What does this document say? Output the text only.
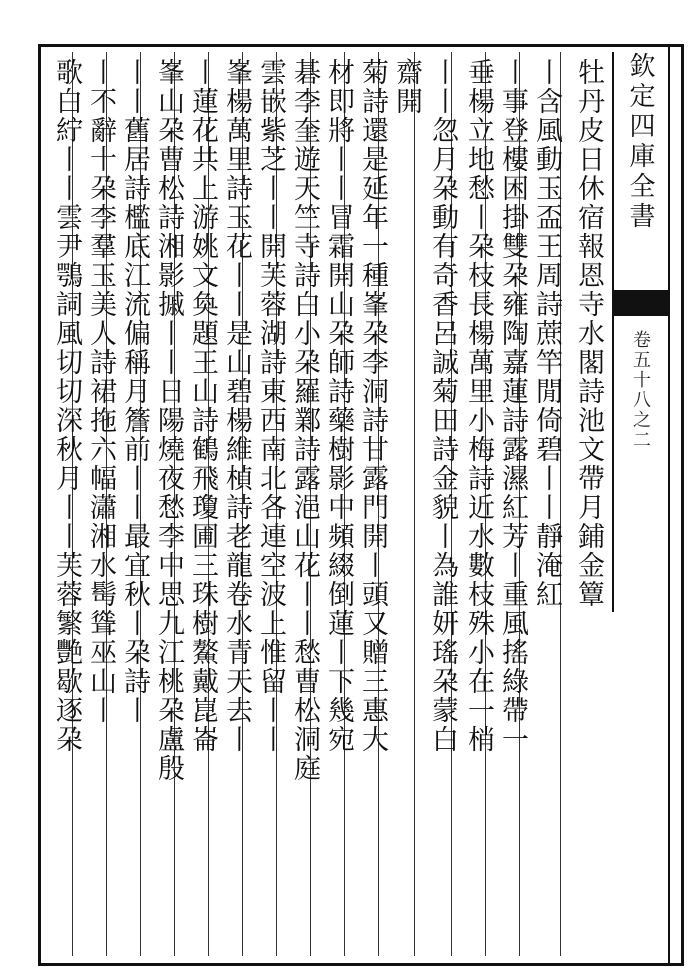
欽定四庫全書
卷五十八之二
牡丹皮日休宿報恩寺水閣詩池文帶月鋪金簟
丨含風動玉盃王周詩蔗竿閒倚碧丨丨靜淹紅
丨事登樓困掛雙朶雍陶嘉蓮詩露濕紅芳丨重風搖綠帶一
垂楊立地愁丨朶枝長楊萬里小梅詩近水數枝殊小在一梢
丨丨忽月朶動有奇香呂誠菊田詩金貌丨為誰妍瑤朶蒙白
齋開
菊詩還是延年一種峯朶李洞詩甘露門開丨頭又贈三惠大
材即將丨丨冒霜開山朶師詩藥樹影中頻綴倒蓮丨下幾宛
碁李奎遊天竺寺詩白小朶羅鄴詩露浥山花丨丨愁曹松洞庭
雲嵌紫芝丨丨開芙蓉湖詩東西南北各連空波上惟留丨丨
峯楊萬里詩玉花丨丨是山碧楊維楨詩老龍卷水青天去丨
丨蓮花共上游姚文奐題王山詩鶴飛瓊圃三珠樹鰲戴崑崙
峯山朶曹松詩湘影摵丨丨日陽燒夜愁李中思九江桃朶盧殷
丨丨舊居詩檻底江流偏稱月簷前丨丨最宜秋丨朶詩丨
丨不辭十朶李羣玉美人詩裙拖六幅瀟湘水髩聳巫山丨
歌白紵丨丨雲尹鶚詞風切切深秋月丨丨芙蓉繁艷歇逐朶
